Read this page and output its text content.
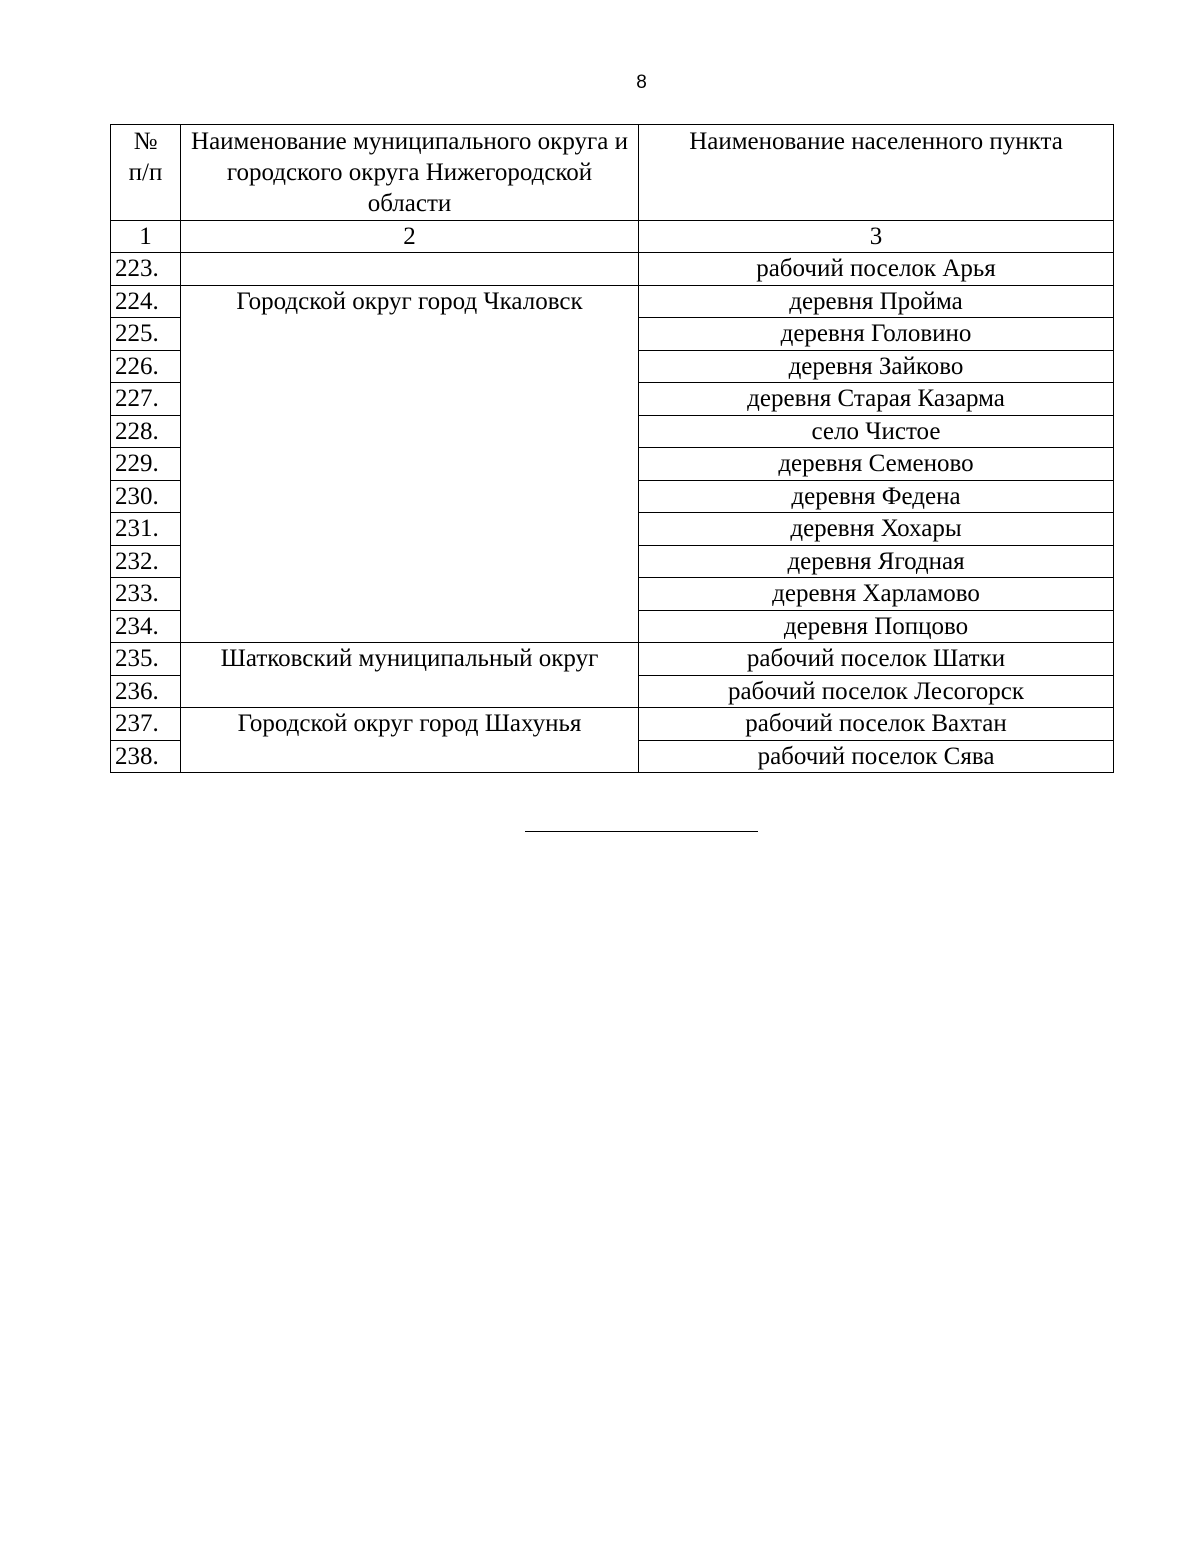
8
№
п/п	Наименование муниципального округа и городского округа Нижегородской области	Наименование населенного пункта
1	2	3
223.		рабочий поселок Арья
224.	Городской округ город Чкаловск	деревня Пройма
225.		деревня Головино
226.		деревня Зайково
227.		деревня Старая Казарма
228.		село Чистое
229.		деревня Семеново
230.		деревня Федена
231.		деревня Хохары
232.		деревня Ягодная
233.		деревня Харламово
234.		деревня Попцово
235.	Шатковский муниципальный округ	рабочий поселок Шатки
236.		рабочий поселок Лесогорск
237.	Городской округ город Шахунья	рабочий поселок Вахтан
238.		рабочий поселок Сява
